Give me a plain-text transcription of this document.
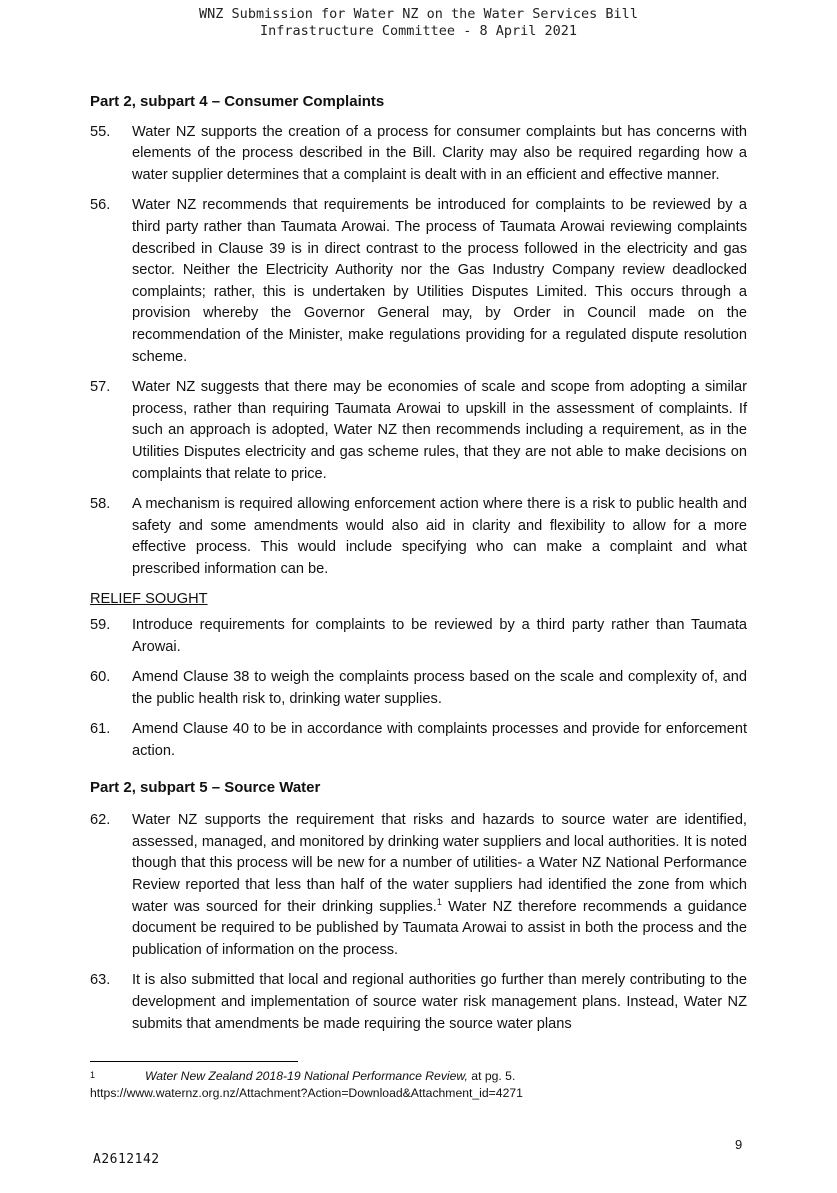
WNZ Submission for Water NZ on the Water Services Bill
Infrastructure Committee - 8 April 2021
Part 2, subpart 4 – Consumer Complaints
55.	Water NZ supports the creation of a process for consumer complaints but has concerns with elements of the process described in the Bill. Clarity may also be required regarding how a water supplier determines that a complaint is dealt with in an efficient and effective manner.
56.	Water NZ recommends that requirements be introduced for complaints to be reviewed by a third party rather than Taumata Arowai. The process of Taumata Arowai reviewing complaints described in Clause 39 is in direct contrast to the process followed in the electricity and gas sector. Neither the Electricity Authority nor the Gas Industry Company review deadlocked complaints; rather, this is undertaken by Utilities Disputes Limited. This occurs through a provision whereby the Governor General may, by Order in Council made on the recommendation of the Minister, make regulations providing for a regulated dispute resolution scheme.
57.	Water NZ suggests that there may be economies of scale and scope from adopting a similar process, rather than requiring Taumata Arowai to upskill in the assessment of complaints. If such an approach is adopted, Water NZ then recommends including a requirement, as in the Utilities Disputes electricity and gas scheme rules, that they are not able to make decisions on complaints that relate to price.
58.	A mechanism is required allowing enforcement action where there is a risk to public health and safety and some amendments would also aid in clarity and flexibility to allow for a more effective process. This would include specifying who can make a complaint and what prescribed information can be.
RELIEF SOUGHT
59.	Introduce requirements for complaints to be reviewed by a third party rather than Taumata Arowai.
60.	Amend Clause 38 to weigh the complaints process based on the scale and complexity of, and the public health risk to, drinking water supplies.
61.	Amend Clause 40 to be in accordance with complaints processes and provide for enforcement action.
Part 2, subpart 5 – Source Water
62.	Water NZ supports the requirement that risks and hazards to source water are identified, assessed, managed, and monitored by drinking water suppliers and local authorities. It is noted though that this process will be new for a number of utilities- a Water NZ National Performance Review reported that less than half of the water suppliers had identified the zone from which water was sourced for their drinking supplies.$^1$ Water NZ therefore recommends a guidance document be required to be published by Taumata Arowai to assist in both the process and the publication of information on the process.
63.	It is also submitted that local and regional authorities go further than merely contributing to the development and implementation of source water risk management plans. Instead, Water NZ submits that amendments be made requiring the source water plans
1	Water New Zealand 2018-19 National Performance Review, at pg. 5.
https://www.waternz.org.nz/Attachment?Action=Download&Attachment_id=4271
9
A2612142
